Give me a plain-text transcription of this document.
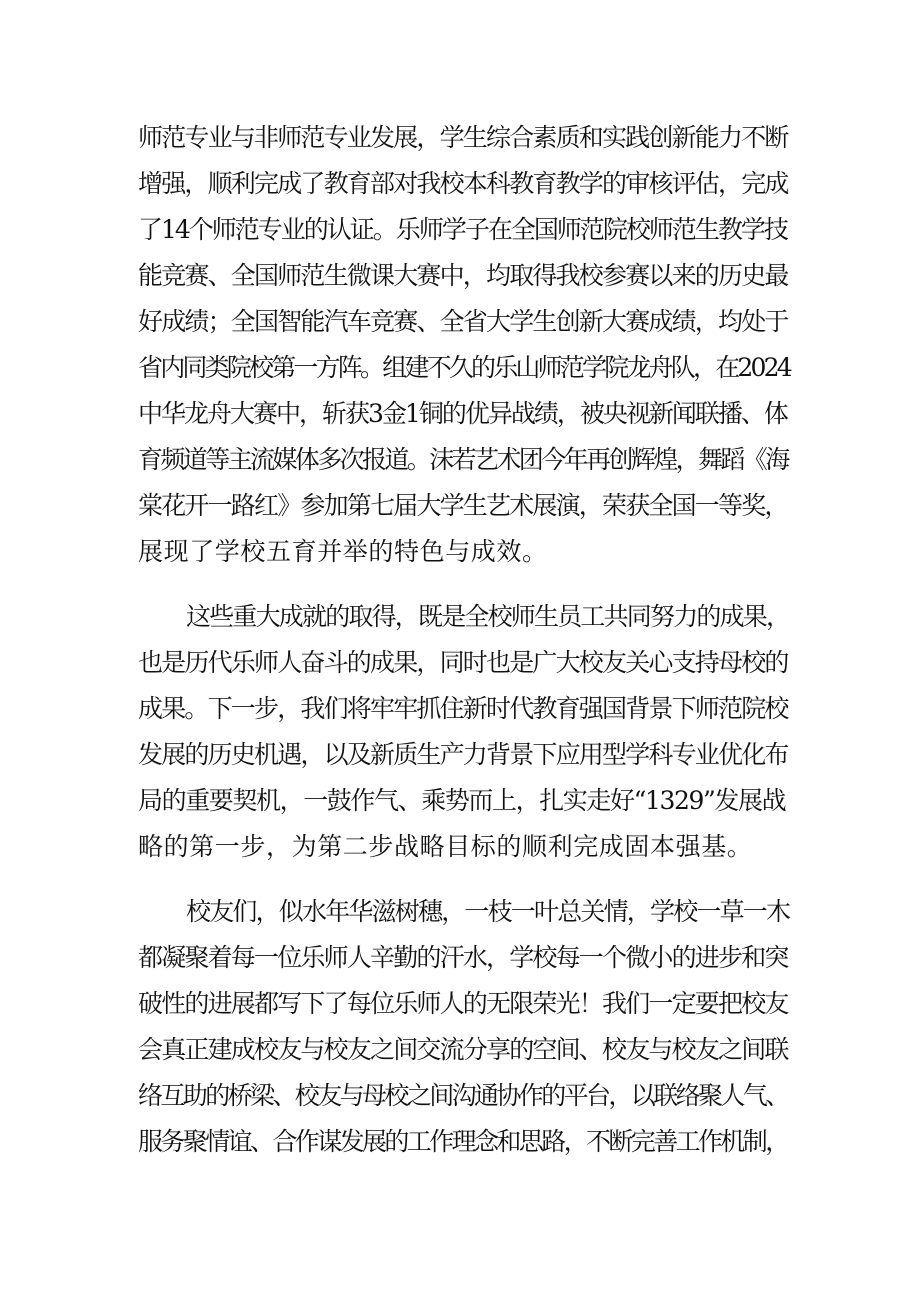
师范专业与非师范专业发展，学生综合素质和实践创新能力不断
增强，顺利完成了教育部对我校本科教育教学的审核评估，完成
了14个师范专业的认证。乐师学子在全国师范院校师范生教学技
能竞赛、全国师范生微课大赛中，均取得我校参赛以来的历史最
好成绩；全国智能汽车竞赛、全省大学生创新大赛成绩，均处于
省内同类院校第一方阵。组建不久的乐山师范学院龙舟队，在2024
中华龙舟大赛中，斩获3金1铜的优异战绩，被央视新闻联播、体
育频道等主流媒体多次报道。沫若艺术团今年再创辉煌，舞蹈《海
棠花开一路红》参加第七届大学生艺术展演，荣获全国一等奖，
展现了学校五育并举的特色与成效。
这些重大成就的取得，既是全校师生员工共同努力的成果，
也是历代乐师人奋斗的成果，同时也是广大校友关心支持母校的
成果。下一步，我们将牢牢抓住新时代教育强国背景下师范院校
发展的历史机遇，以及新质生产力背景下应用型学科专业优化布
局的重要契机，一鼓作气、乘势而上，扎实走好“1329”发展战
略的第一步，为第二步战略目标的顺利完成固本强基。
校友们，似水年华滋树穗，一枝一叶总关情，学校一草一木
都凝聚着每一位乐师人辛勤的汗水，学校每一个微小的进步和突
破性的进展都写下了每位乐师人的无限荣光！我们一定要把校友
会真正建成校友与校友之间交流分享的空间、校友与校友之间联
络互助的桥梁、校友与母校之间沟通协作的平台，以联络聚人气、
服务聚情谊、合作谋发展的工作理念和思路，不断完善工作机制，
